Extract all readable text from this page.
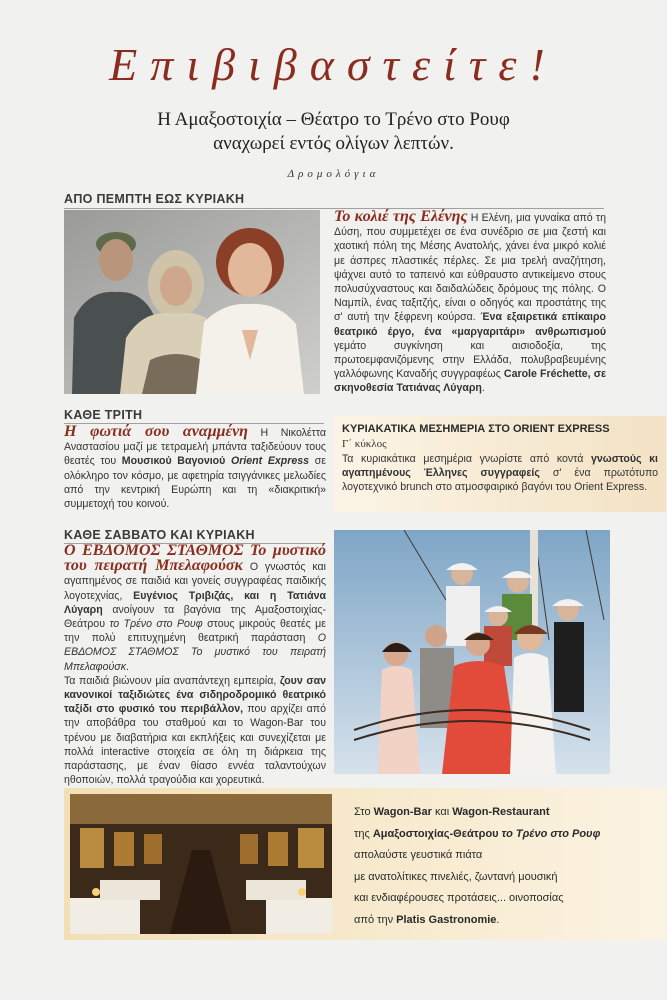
Επιβιβαστείτε!
Η Αμαξοστοιχία – Θέατρο το Τρένο στο Ρουφ
αναχωρεί εντός ολίγων λεπτών.
Δρομολόγια
ΑΠΟ ΠΕΜΠΤΗ ΕΩΣ ΚΥΡΙΑΚΗ

Το κολιέ της Ελένης Η Ελένη, μια γυναίκα από τη Δύση, που συμμετέχει σε ένα συνέδριο σε μια ζεστή και χαοτική πόλη της Μέσης Ανατολής, χάνει ένα μικρό κολιέ με άσπρες πλαστικές πέρλες. Σε μια τρελή αναζήτηση, ψάχνει αυτό το ταπεινό και εύθραυστο αντικείμενο στους πολυσύχναστους και δαιδαλώδεις δρόμους της πόλης. Ο Ναμπίλ, ένας ταξιτζής, είναι ο οδηγός και προστάτης της σ' αυτή την ξέφρενη κούρσα. Ένα εξαιρετικά επίκαιρο θεατρικό έργο, ένα «μαργαριτάρι» ανθρωπισμού γεμάτο συγκίνηση και αισιοδοξία, της πρωτοεμφανιζόμενης στην Ελλάδα, πολυβραβευμένης γαλλόφωνης Καναδής συγγραφέως Carole Fréchette, σε σκηνοθεσία Τατιάνας Λύγαρη.

ΚΑΘΕ ΤΡΙΤΗ

Η φωτιά σου αναμμένη Η Νικολέττα Αναστασίου μαζί με τετραμελή μπάντα ταξιδεύουν τους θεατές του Μουσικού Βαγονιού Orient Express σε ολόκληρο τον κόσμο, με αφετηρία τσιγγάνικες μελωδίες από την κεντρική Ευρώπη και τη «διακριτική» συμμετοχή του κοινού.

ΚΥΡΙΑΚΑΤΙΚΑ ΜΕΣΗΜΕΡΙΑ ΣΤΟ ORIENT EXPRESS
Γ΄ κύκλος

Τα κυριακάτικα μεσημέρια γνωρίστε από κοντά γνωστούς κι αγαπημένους Έλληνες συγγραφείς σ' ένα πρωτότυπο λογοτεχνικό brunch στο ατμοσφαιρικό βαγόνι του Orient Express.

ΚΑΘΕ ΣΑΒΒΑΤΟ ΚΑΙ ΚΥΡΙΑΚΗ

Ο ΕΒΔΟΜΟΣ ΣΤΑΘΜΟΣ Το μυστικό του πειρατή Μπελαφούσκ Ο γνωστός και αγαπημένος σε παιδιά και γονείς συγγραφέας παιδικής λογοτεχνίας, Ευγένιος Τριβιζάς, και η Τατιάνα Λύγαρη ανοίγουν τα βαγόνια της Αμαξοστοιχίας-Θεάτρου το Τρένο στο Ρουφ στους μικρούς θεατές με την πολύ επιτυχημένη θεατρική παράσταση Ο ΕΒΔΟΜΟΣ ΣΤΑΘΜΟΣ Το μυστικό του πειρατή Μπελαφούσκ.
Τα παιδιά βιώνουν μία αναπάντεχη εμπειρία, ζουν σαν κανονικοί ταξιδιώτες ένα σιδηροδρομικό θεατρικό ταξίδι στο φυσικό του περιβάλλον, που αρχίζει από την αποβάθρα του σταθμού και το Wagon-Bar του τρένου με διαβατήρια και εκπλήξεις και συνεχίζεται με πολλά interactive στοιχεία σε όλη τη διάρκεια της παράστασης, με έναν θίασο εννέα ταλαντούχων ηθοποιών, πολλά τραγούδια και χορευτικά.

Στο Wagon-Bar και Wagon-Restaurant
της Αμαξοστοιχίας-Θεάτρου το Τρένο στο Ρουφ
απολαύστε γευστικά πιάτα
με ανατολίτικες πινελιές, ζωντανή μουσική
και ενδιαφέρουσες προτάσεις... οινοποσίας
από την Platis Gastronomie.
